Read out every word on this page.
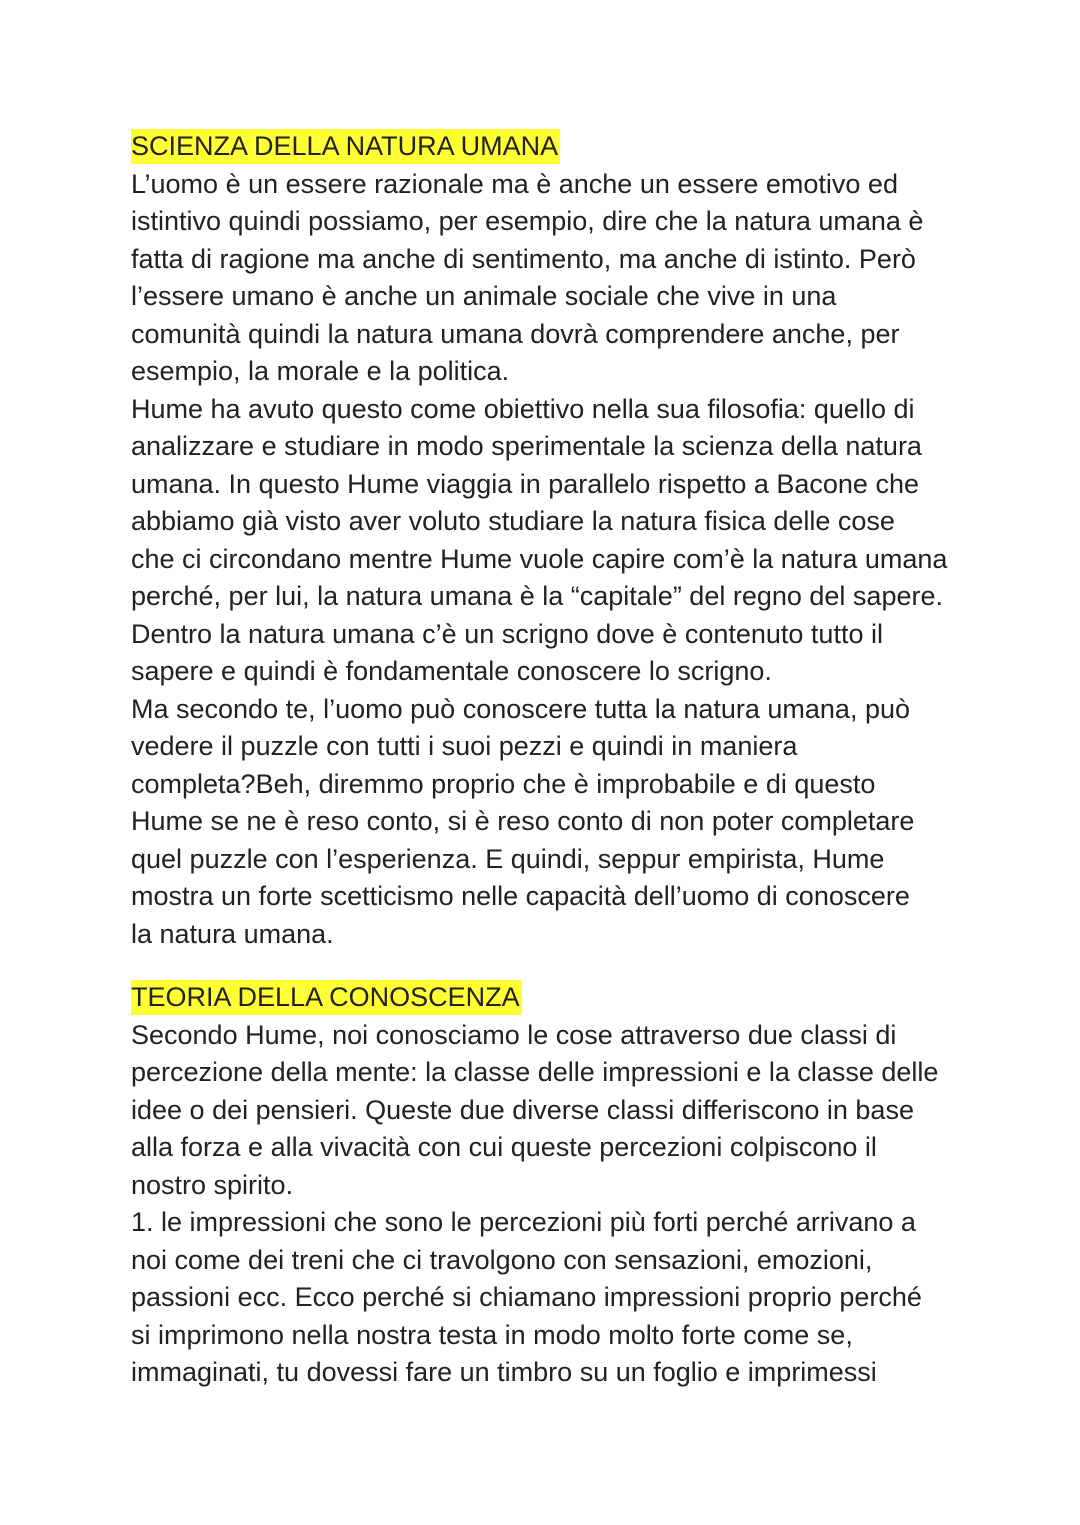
SCIENZA DELLA NATURA UMANA
L’uomo è un essere razionale ma è anche un essere emotivo ed
istintivo quindi possiamo, per esempio, dire che la natura umana è
fatta di ragione ma anche di sentimento, ma anche di istinto. Però
l’essere umano è anche un animale sociale che vive in una
comunità quindi la natura umana dovrà comprendere anche, per
esempio, la morale e la politica.
Hume ha avuto questo come obiettivo nella sua filosofia: quello di
analizzare e studiare in modo sperimentale la scienza della natura
umana. In questo Hume viaggia in parallelo rispetto a Bacone che
abbiamo già visto aver voluto studiare la natura fisica delle cose
che ci circondano mentre Hume vuole capire com’è la natura umana
perché, per lui, la natura umana è la “capitale” del regno del sapere.
Dentro la natura umana c’è un scrigno dove è contenuto tutto il
sapere e quindi è fondamentale conoscere lo scrigno.
Ma secondo te, l’uomo può conoscere tutta la natura umana, può
vedere il puzzle con tutti i suoi pezzi e quindi in maniera
completa?Beh, diremmo proprio che è improbabile e di questo
Hume se ne è reso conto, si è reso conto di non poter completare
quel puzzle con l’esperienza. E quindi, seppur empirista, Hume
mostra un forte scetticismo nelle capacità dell’uomo di conoscere
la natura umana.
TEORIA DELLA CONOSCENZA
Secondo Hume, noi conosciamo le cose attraverso due classi di
percezione della mente: la classe delle impressioni e la classe delle
idee o dei pensieri. Queste due diverse classi differiscono in base
alla forza e alla vivacità con cui queste percezioni colpiscono il
nostro spirito.
1. le impressioni che sono le percezioni più forti perché arrivano a
noi come dei treni che ci travolgono con sensazioni, emozioni,
passioni ecc. Ecco perché si chiamano impressioni proprio perché
si imprimono nella nostra testa in modo molto forte come se,
immaginati, tu dovessi fare un timbro su un foglio e imprimessi
